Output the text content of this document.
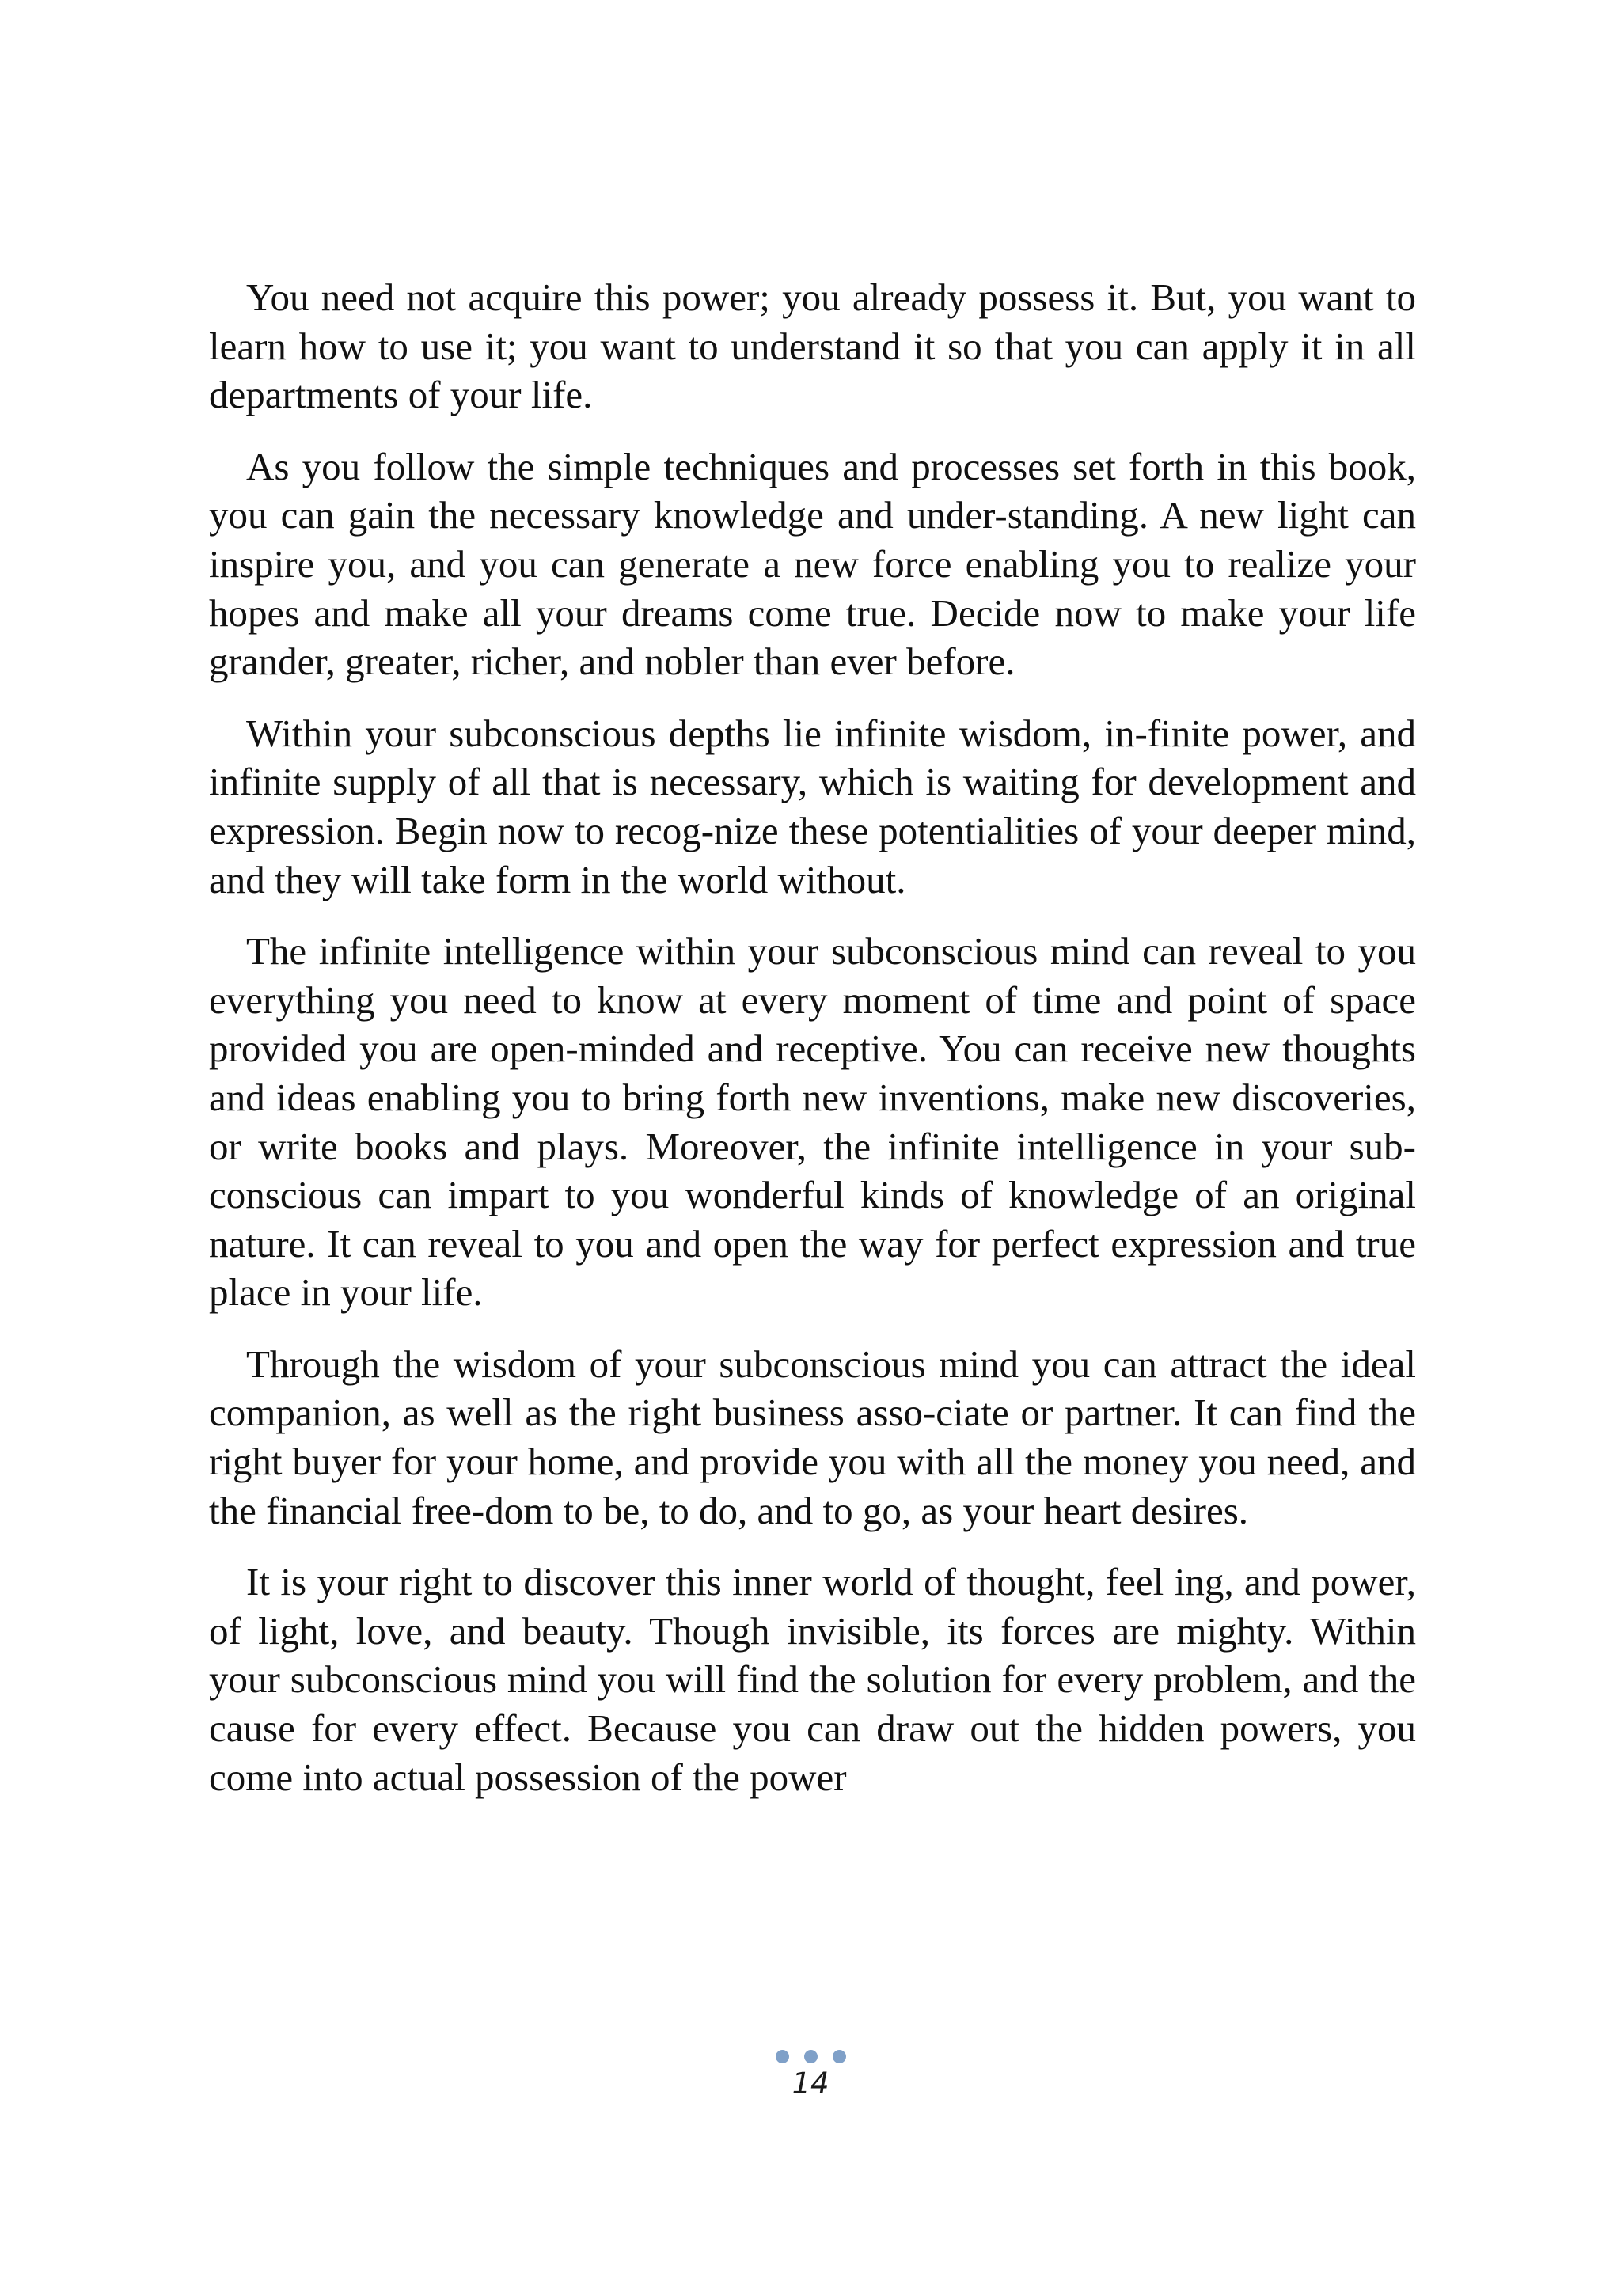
You need not acquire this power; you already possess it. But, you want to learn how to use it; you want to understand it so that you can apply it in all departments of your life.

As you follow the simple techniques and processes set forth in this book, you can gain the necessary knowledge and under-standing. A new light can inspire you, and you can generate a new force enabling you to realize your hopes and make all your dreams come true. Decide now to make your life grander, greater, richer, and nobler than ever before.

Within your subconscious depths lie infinite wisdom, in-finite power, and infinite supply of all that is necessary, which is waiting for development and expression. Begin now to recog-nize these potentialities of your deeper mind, and they will take form in the world without.

The infinite intelligence within your subconscious mind can reveal to you everything you need to know at every moment of time and point of space provided you are open-minded and receptive. You can receive new thoughts and ideas enabling you to bring forth new inventions, make new discoveries, or write books and plays. Moreover, the infinite intelligence in your sub-conscious can impart to you wonderful kinds of knowledge of an original nature. It can reveal to you and open the way for perfect expression and true place in your life.

Through the wisdom of your subconscious mind you can attract the ideal companion, as well as the right business asso-ciate or partner. It can find the right buyer for your home, and provide you with all the money you need, and the financial free-dom to be, to do, and to go, as your heart desires.

It is your right to discover this inner world of thought, feel ing, and power, of light, love, and beauty. Though invisible, its forces are mighty. Within your subconscious mind you will find the solution for every problem, and the cause for every effect. Because you can draw out the hidden powers, you come into actual possession of the power

14
